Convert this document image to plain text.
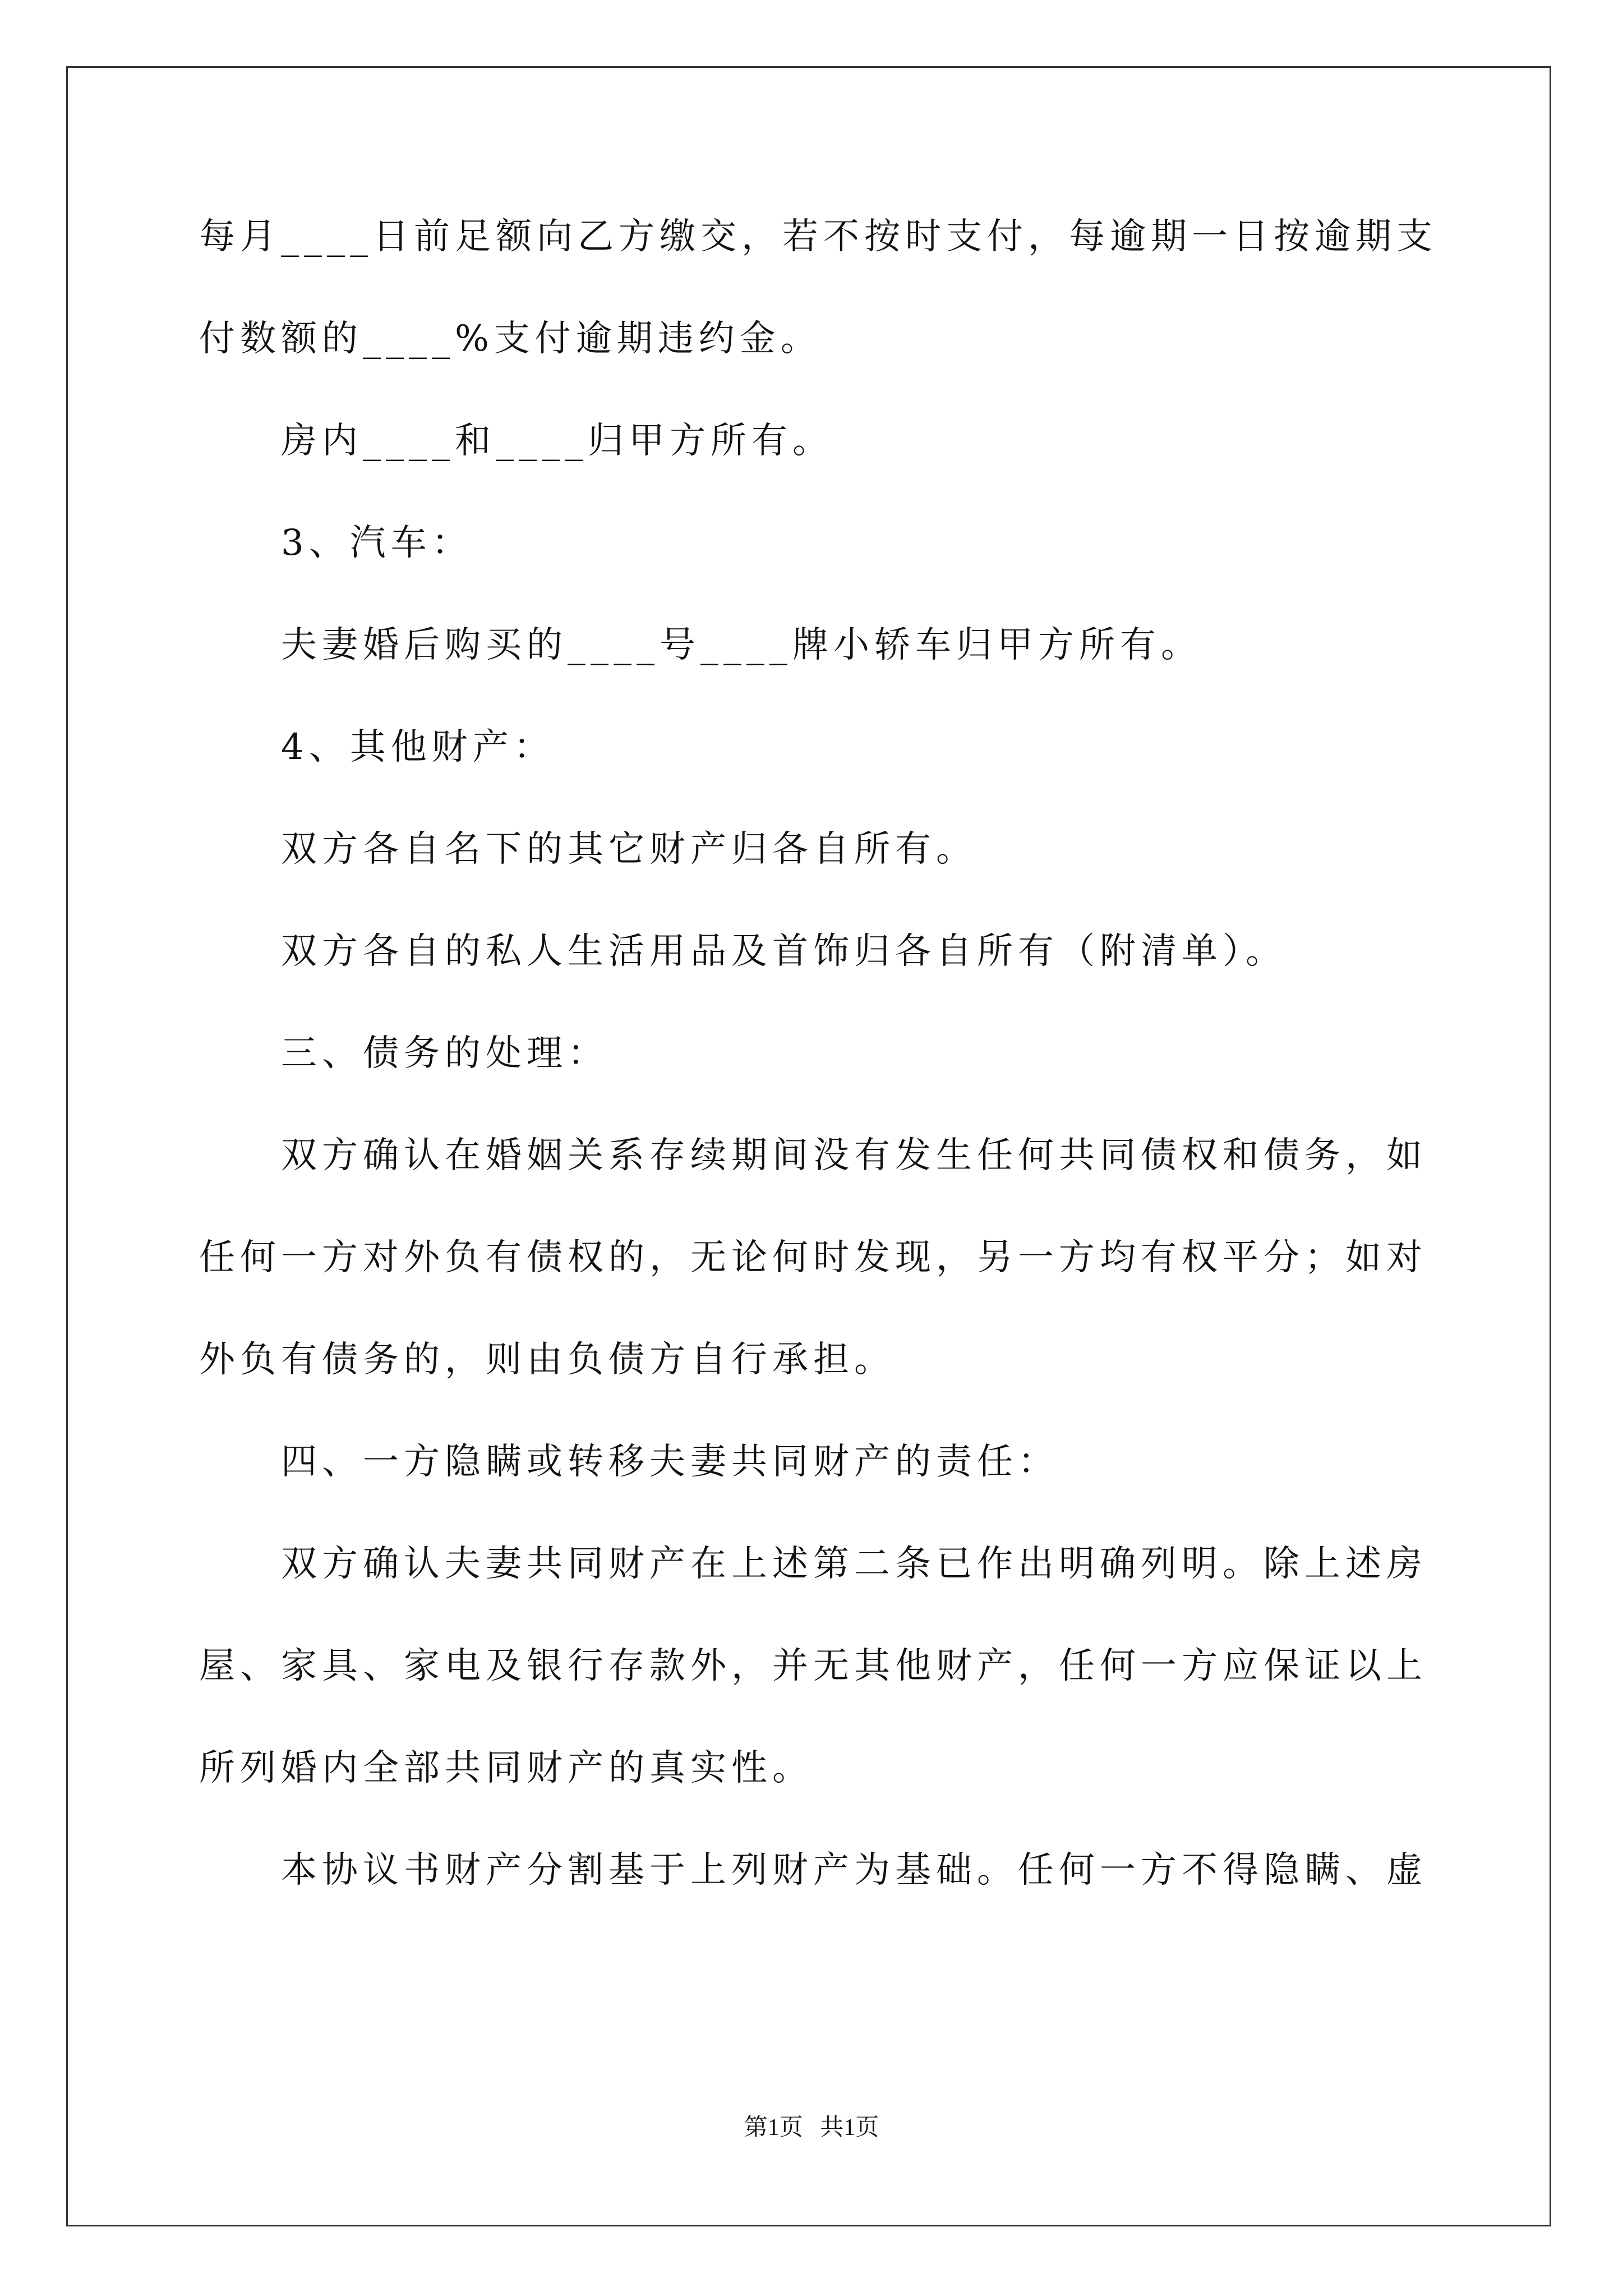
每月____日前足额向乙方缴交，若不按时支付，每逾期一日按逾期支
付数额的____%支付逾期违约金。
房内____和____归甲方所有。
3、汽车：
夫妻婚后购买的____号____牌小轿车归甲方所有。
4、其他财产：
双方各自名下的其它财产归各自所有。
双方各自的私人生活用品及首饰归各自所有（附清单）。
三、债务的处理：
双方确认在婚姻关系存续期间没有发生任何共同债权和债务，如
任何一方对外负有债权的，无论何时发现，另一方均有权平分；如对
外负有债务的，则由负债方自行承担。
四、一方隐瞒或转移夫妻共同财产的责任：
双方确认夫妻共同财产在上述第二条已作出明确列明。除上述房
屋、家具、家电及银行存款外，并无其他财产，任何一方应保证以上
所列婚内全部共同财产的真实性。
本协议书财产分割基于上列财产为基础。任何一方不得隐瞒、虚
第1页 共1页
